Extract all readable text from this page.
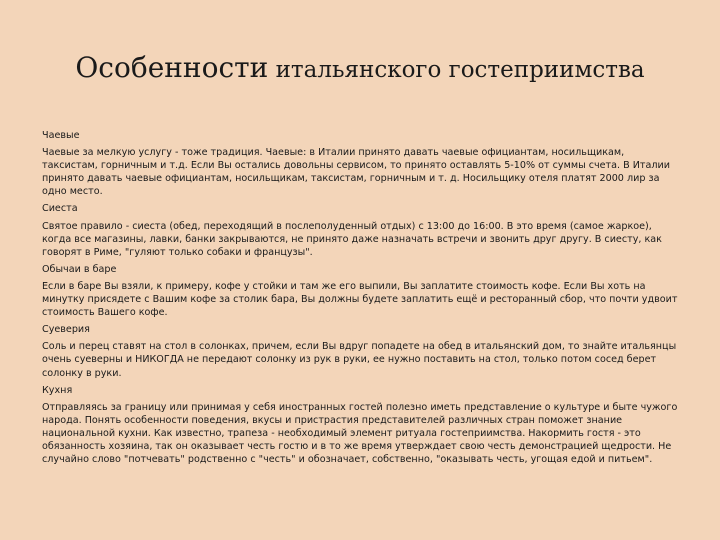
Особенности итальянского гостеприимства
Чаевые
Чаевые за мелкую услугу - тоже традиция. Чаевые: в Италии принято давать чаевые официантам, носильщикам, таксистам, горничным и т.д. Если Вы остались довольны сервисом, то принято оставлять 5-10% от суммы счета. В Италии принято давать чаевые официантам, носильщикам, таксистам, горничным и т. д. Носильщику отеля платят 2000 лир за одно место.
Сиеста
Святое правило - сиеста (обед, переходящий в послеполуденный отдых) с 13:00 до 16:00. В это время (самое жаркое), когда все магазины, лавки, банки закрываются, не принято даже назначать встречи и звонить друг другу. В сиесту, как говорят в Риме, "гуляют только собаки и французы".
Обычаи в баре
Если в баре Вы взяли, к примеру, кофе у стойки и там же его выпили, Вы заплатите стоимость кофе. Если Вы хоть на минутку присядете с Вашим кофе за столик бара, Вы должны будете заплатить ещё и ресторанный сбор, что почти удвоит стоимость Вашего кофе.
Суеверия
Соль и перец ставят на стол в солонках, причем, если Вы вдруг попадете на обед в итальянский дом, то знайте итальянцы очень суеверны и НИКОГДА не передают солонку из рук в руки, ее нужно поставить на стол, только потом сосед берет солонку в руки.
Кухня
Отправляясь за границу или принимая у себя иностранных гостей полезно иметь представление о культуре и быте чужого народа. Понять особенности поведения, вкусы и пристрастия представителей различных стран поможет знание национальной кухни. Как известно, трапеза - необходимый элемент ритуала гостеприимства. Накормить гостя - это обязанность хозяина, так он оказывает честь гостю и в то же время утверждает свою честь демонстрацией щедрости. Не случайно слово "потчевать" родственно с "честь" и обозначает, собственно, "оказывать честь, угощая едой и питьем".
